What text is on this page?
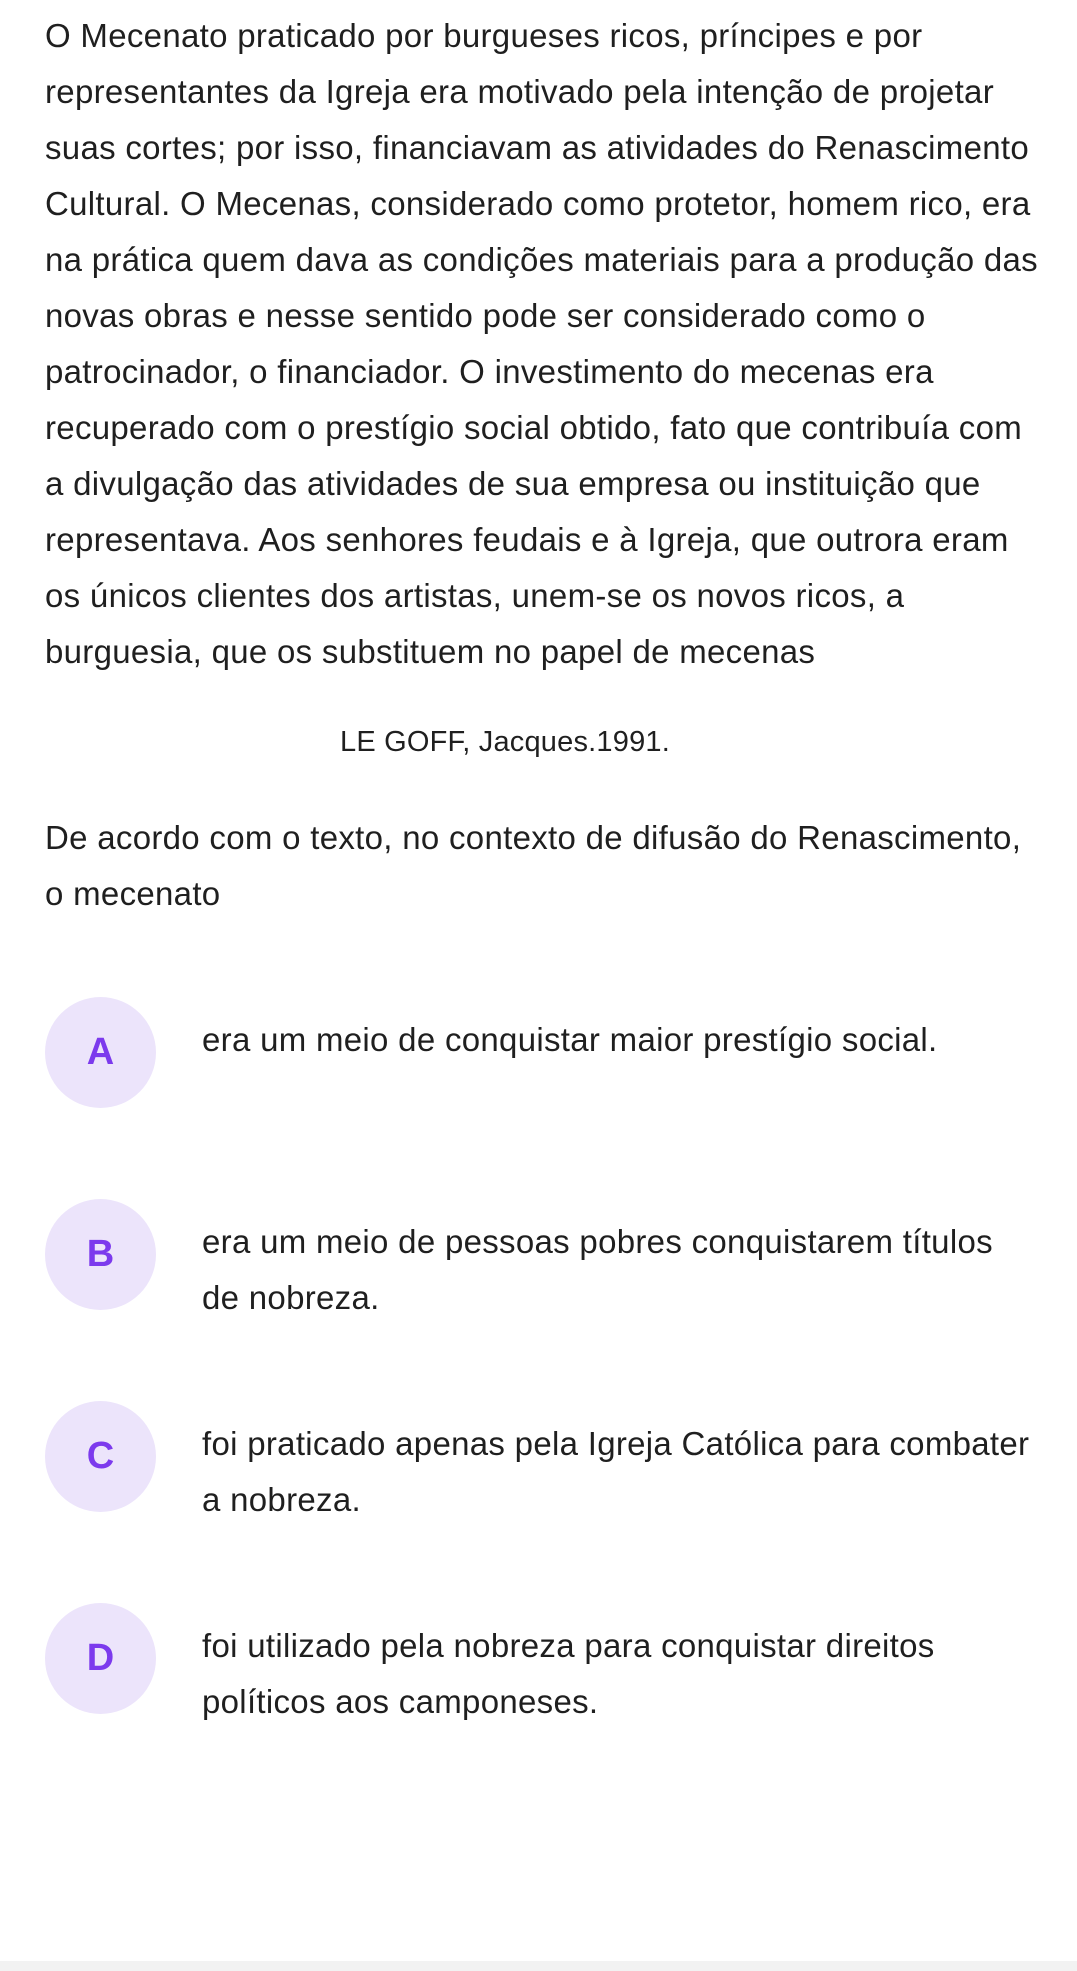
O Mecenato praticado por burgueses ricos, príncipes e por representantes da Igreja era motivado pela intenção de projetar suas cortes; por isso, financiavam as atividades do Renascimento Cultural. O Mecenas, considerado como protetor, homem rico, era na prática quem dava as condições materiais para a produção das novas obras e nesse sentido pode ser considerado como o patrocinador, o financiador. O investimento do mecenas era recuperado com o prestígio social obtido, fato que contribuía com a divulgação das atividades de sua empresa ou instituição que representava. Aos senhores feudais e à Igreja, que outrora eram os únicos clientes dos artistas, unem-se os novos ricos, a burguesia, que os substituem no papel de mecenas

LE GOFF, Jacques.1991.

De acordo com o texto, no contexto de difusão do Renascimento, o mecenato

A	era um meio de conquistar maior prestígio social.
B	era um meio de pessoas pobres conquistarem títulos de nobreza.
C	foi praticado apenas pela Igreja Católica para combater a nobreza.
D	foi utilizado pela nobreza para conquistar direitos políticos aos camponeses.
